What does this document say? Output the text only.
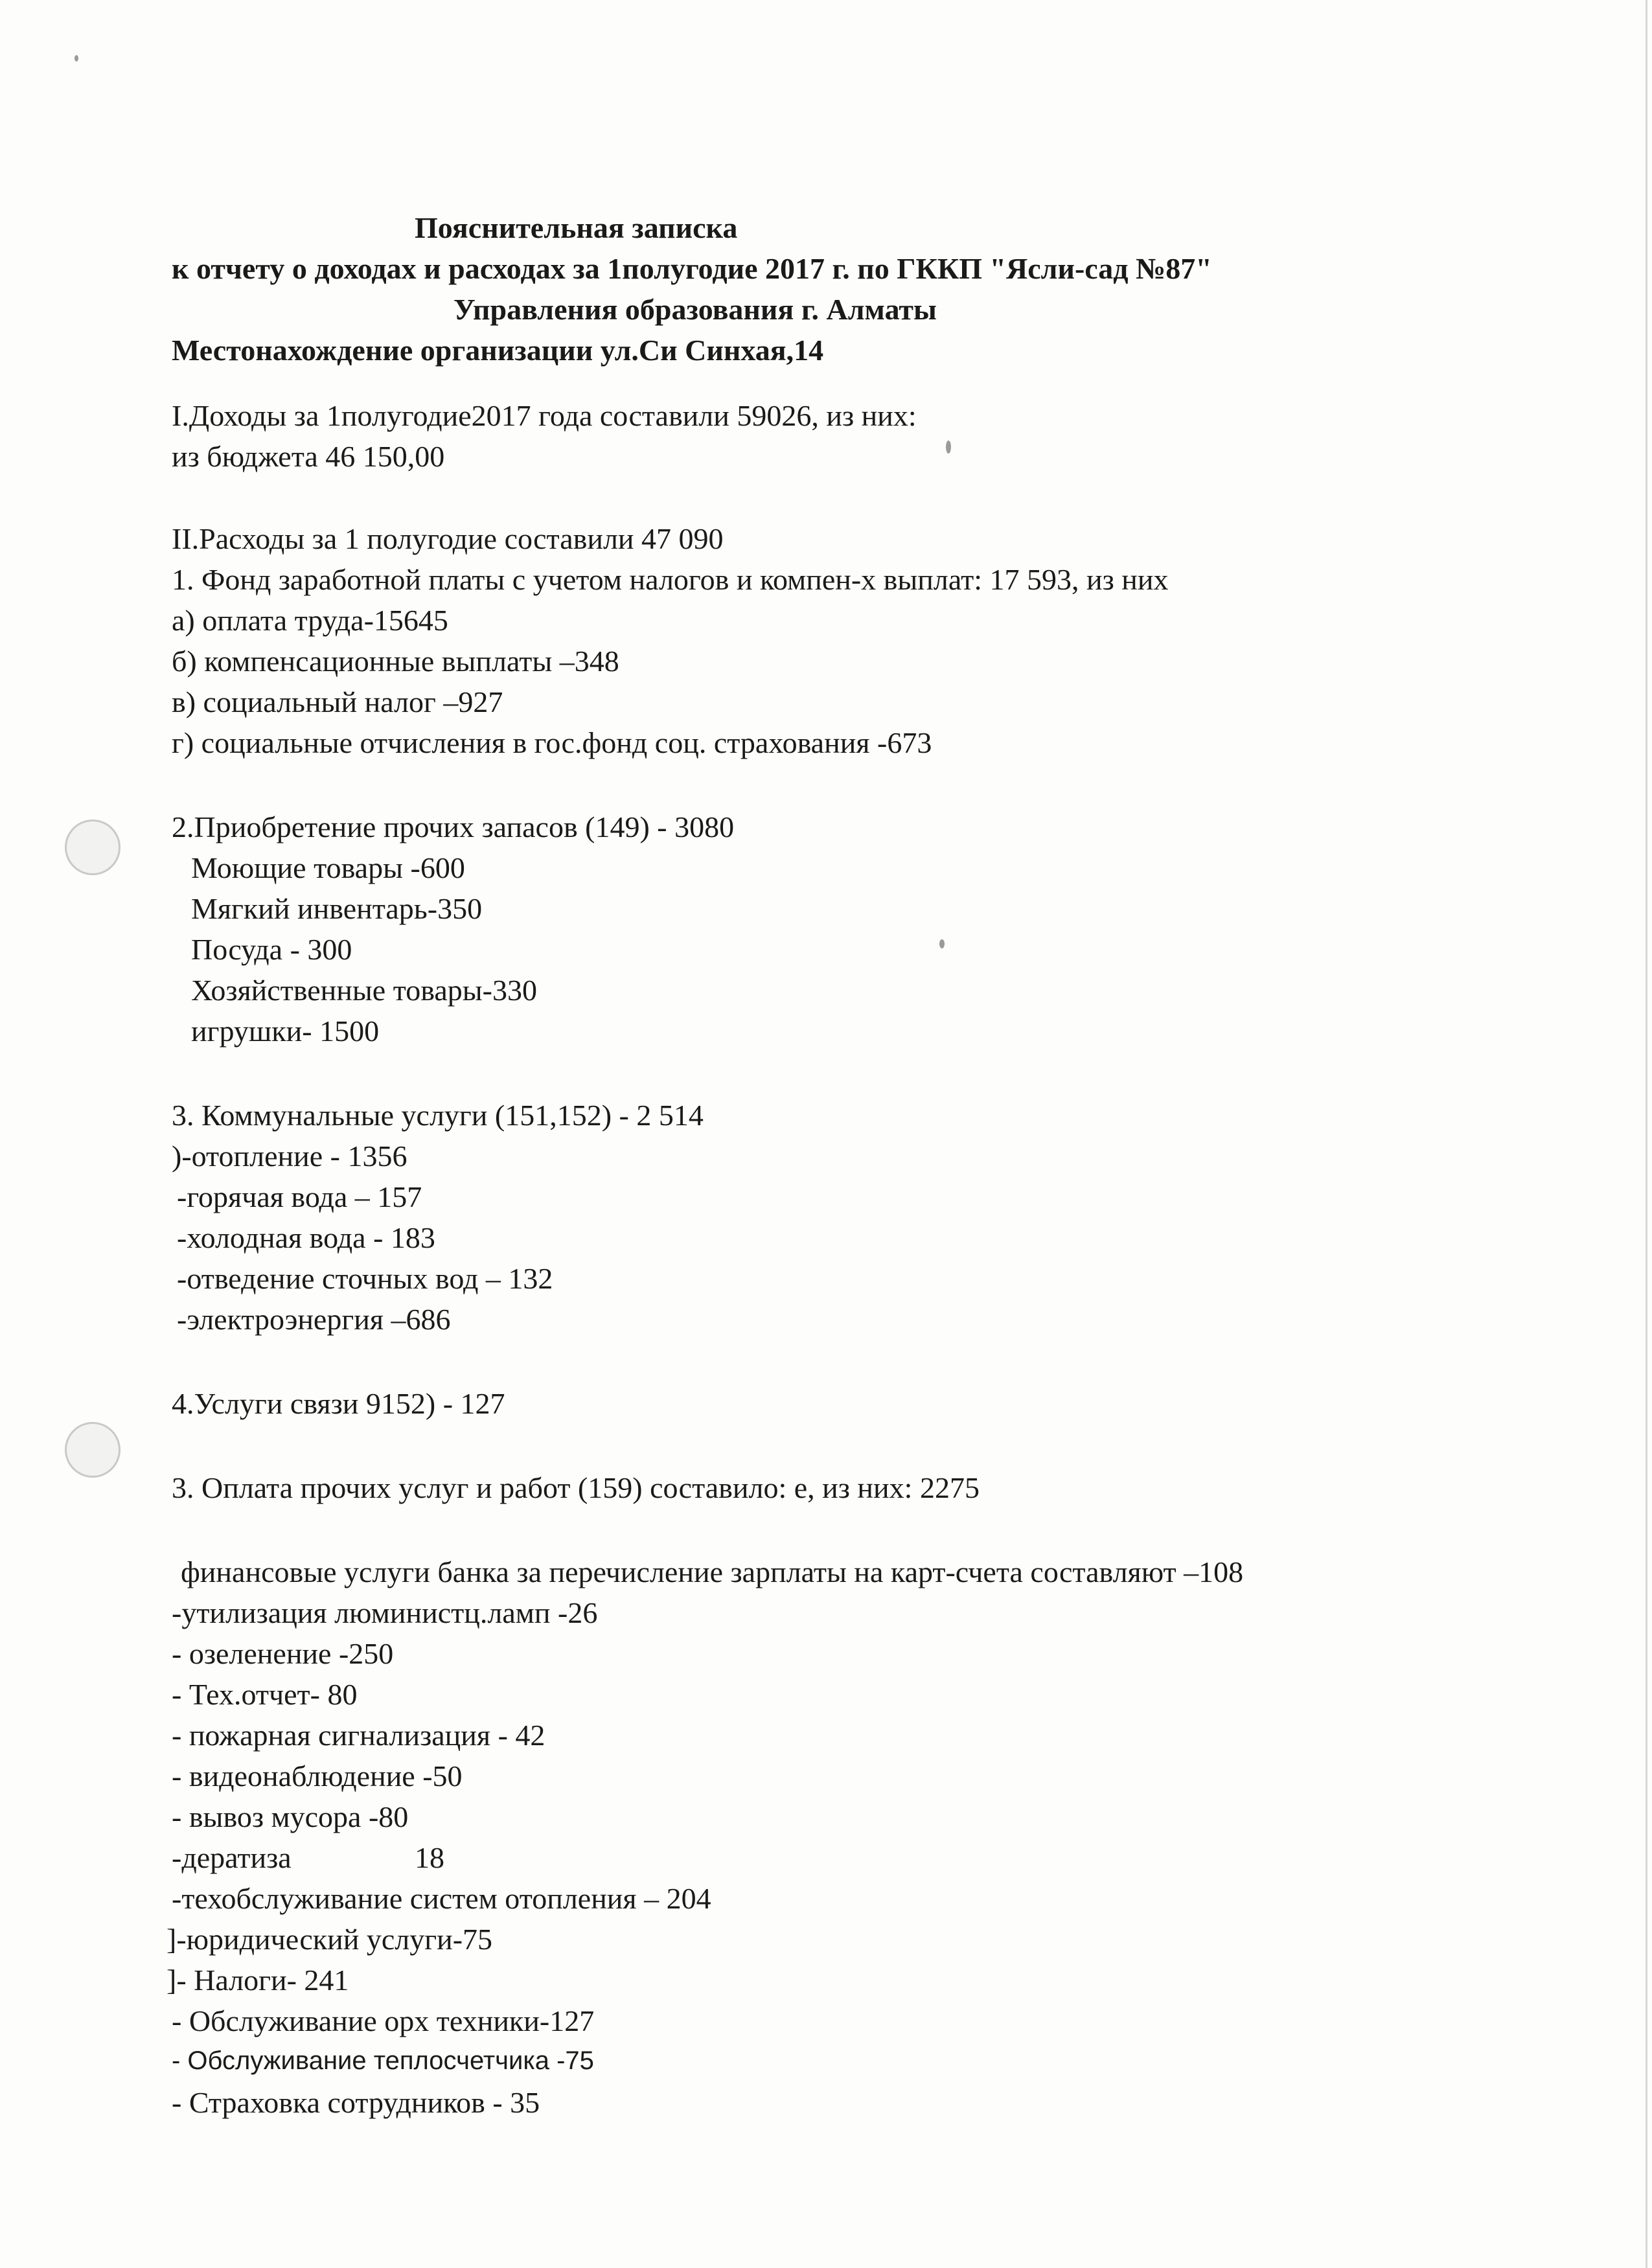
Пояснительная записка
к отчету о доходах и расходах за 1полугодие 2017 г. по ГККП "Ясли-сад №87"
Управления образования г. Алматы
Местонахождение организации ул.Си Синхая,14
I.Доходы за 1полугодие2017 года составили 59026, из них:
из бюджета 46 150,00
II.Расходы за 1 полугодие составили 47 090
1. Фонд заработной платы с учетом налогов и компен-х выплат: 17 593, из них
а) оплата труда-15645
б) компенсационные выплаты –348
в) социальный налог –927
г) социальные отчисления в гос.фонд соц. страхования -673
2.Приобретение прочих запасов (149) - 3080
Моющие товары -600
Мягкий инвентарь-350
Посуда - 300
Хозяйственные товары-330
игрушки- 1500
3. Коммунальные услуги (151,152) - 2 514
)-отопление - 1356
-горячая вода – 157
-холодная вода - 183
-отведение сточных вод – 132
-электроэнергия –686
4.Услуги связи 9152) - 127
3. Оплата прочих услуг и работ (159) составило: е, из них: 2275
финансовые услуги банка за перечисление зарплаты на карт-счета составляют –108
-утилизация люминистц.ламп -26
- озеленение -250
- Тех.отчет- 80
- пожарная сигнализация - 42
- видеонаблюдение -50
- вывоз мусора -80
-дератиза	18
-техобслуживание систем отопления – 204
]-юридический услуги-75
]- Налоги- 241
- Обслуживание орх техники-127
- Обслуживание теплосчетчика -75
- Страховка сотрудников - 35
